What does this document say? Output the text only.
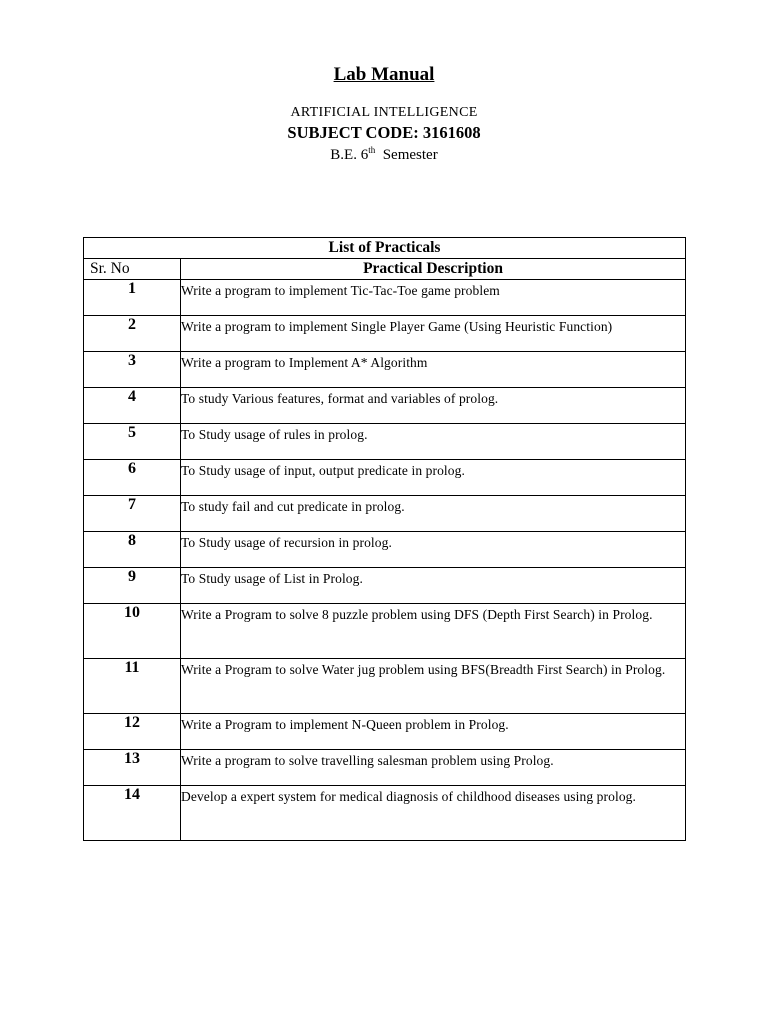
Lab Manual
ARTIFICIAL INTELLIGENCE
SUBJECT CODE: 3161608
B.E. 6th Semester
List of Practicals	
Sr. No	Practical Description
1	Write a program to implement Tic-Tac-Toe game problem
2	Write a program to implement Single Player Game (Using Heuristic Function)
3	Write a program to Implement A* Algorithm
4	To study Various features, format and variables of prolog.
5	To Study usage of rules in prolog.
6	To Study usage of input, output predicate in prolog.
7	To study fail and cut predicate in prolog.
8	To Study usage of recursion in prolog.
9	To Study usage of List in Prolog.
10	Write a Program to solve 8 puzzle problem using DFS (Depth First Search) in Prolog.
11	Write a Program to solve Water jug problem using BFS(Breadth First Search) in Prolog.
12	Write a Program to implement N-Queen problem in Prolog.
13	Write a program to solve travelling salesman problem using Prolog.
14	Develop a expert system for medical diagnosis of childhood diseases using prolog.
